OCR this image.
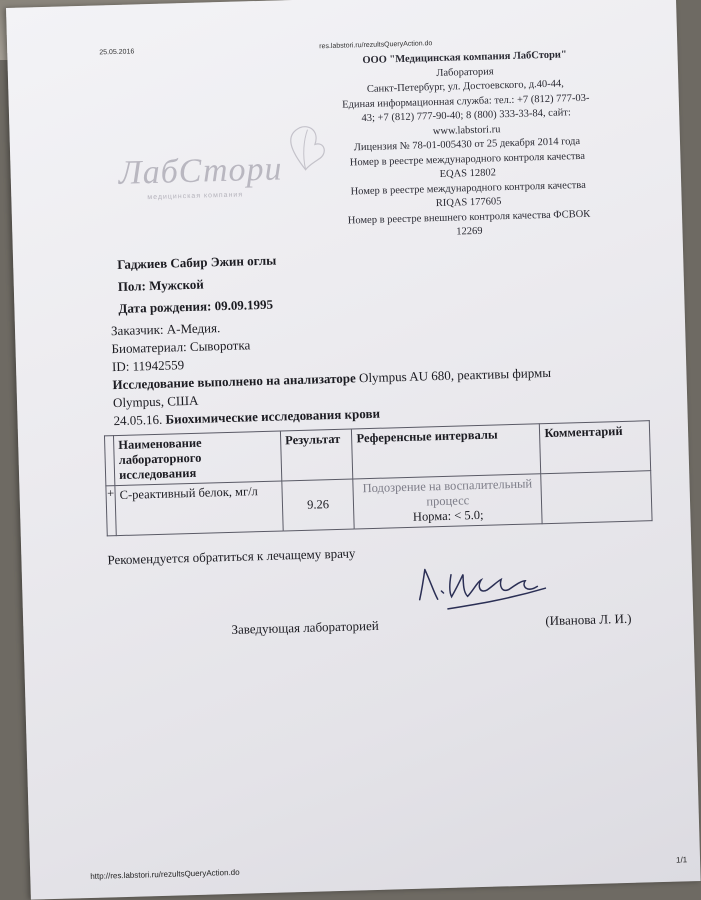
25.05.2016
res.labstori.ru/rezultsQueryAction.do
ООО "Медицинская компания ЛабСтори"
Лаборатория
Санкт-Петербург, ул. Достоевского, д.40-44,
Единая информационная служба: тел.: +7 (812) 777-03-
43; +7 (812) 777-90-40; 8 (800) 333-33-84, сайт:
www.labstori.ru
Лицензия № 78-01-005430 от 25 декабря 2014 года
Номер в реестре международного контроля качества
EQAS 12802
Номер в реестре международного контроля качества
RIQAS 177605
Номер в реестре внешнего контроля качества ФСВОК
12269
ЛабСтори
медицинская компания
Гаджиев Сабир Эжин оглы
Пол: Мужской
Дата рождения: 09.09.1995
Заказчик: А-Медия.
Биоматериал: Сыворотка
ID: 11942559
Исследование выполнено на анализаторе Olympus AU 680, реактивы фирмы
Olympus, США
24.05.16. Биохимические исследования крови
	Наименование лабораторного исследования	Результат	Референсные интервалы	Комментарий
+	С-реактивный белок, мг/л	9.26	Подозрение на воспалительный процесс
Норма: < 5.0;	

Рекомендуется обратиться к лечащему врачу
Заведующая лабораторией	(Иванова Л. И.)
http://res.labstori.ru/rezultsQueryAction.do
1/1
